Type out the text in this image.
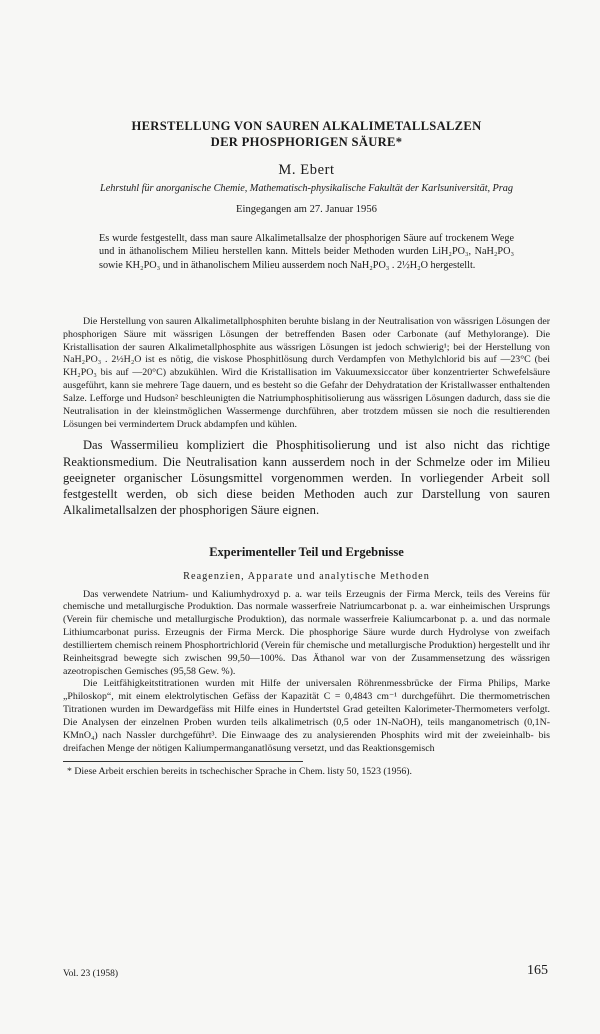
HERSTELLUNG VON SAUREN ALKALIMETALLSALZEN
DER PHOSPHORIGEN SÄURE*
M. Ebert
Lehrstuhl für anorganische Chemie, Mathematisch-physikalische Fakultät der Karlsuniversität, Prag
Eingegangen am 27. Januar 1956
Es wurde festgestellt, dass man saure Alkalimetallsalze der phosphorigen Säure auf trockenem Wege und in äthanolischem Milieu herstellen kann. Mittels beider Methoden wurden LiH₂PO₃, NaH₂PO₃ sowie KH₂PO₃ und in äthanolischem Milieu ausserdem noch NaH₂PO₃ . 2½H₂O hergestellt.
Die Herstellung von sauren Alkalimetallphosphiten beruhte bislang in der Neutralisation von wässrigen Lösungen der phosphorigen Säure mit wässrigen Lösungen der betreffenden Basen oder Carbonate (auf Methylorange). Die Kristallisation der sauren Alkalimetallphosphite aus wässrigen Lösungen ist jedoch schwierig¹; bei der Herstellung von NaH₂PO₃ . 2½H₂O ist es nötig, die viskose Phosphitlösung durch Verdampfen von Methylchlorid bis auf —23°C (bei KH₂PO₃ bis auf —20°C) abzukühlen. Wird die Kristallisation im Vakuumexsiccator über konzentrierter Schwefelsäure ausgeführt, kann sie mehrere Tage dauern, und es besteht so die Gefahr der Dehydratation der Kristallwasser enthaltenden Salze. Lefforge und Hudson² beschleunigten die Natriumphosphitisolierung aus wässrigen Lösungen dadurch, dass sie die Neutralisation in der kleinstmöglichen Wassermenge durchführen, aber trotzdem müssen sie noch die resultierenden Lösungen bei vermindertem Druck abdampfen und kühlen.
Das Wassermilieu kompliziert die Phosphitisolierung und ist also nicht das richtige Reaktionsmedium. Die Neutralisation kann ausserdem noch in der Schmelze oder im Milieu geeigneter organischer Lösungsmittel vorgenommen werden. In vorliegender Arbeit soll festgestellt werden, ob sich diese beiden Methoden auch zur Darstellung von sauren Alkalimetallsalzen der phosphorigen Säure eignen.
Experimenteller Teil und Ergebnisse
Reagenzien, Apparate und analytische Methoden
Das verwendete Natrium- und Kaliumhydroxyd p. a. war teils Erzeugnis der Firma Merck, teils des Vereins für chemische und metallurgische Produktion. Das normale wasserfreie Natriumcarbonat p. a. war einheimischen Ursprungs (Verein für chemische und metallurgische Produktion), das normale wasserfreie Kaliumcarbonat p. a. und das normale Lithiumcarbonat puriss. Erzeugnis der Firma Merck. Die phosphorige Säure wurde durch Hydrolyse von zweifach destilliertem chemisch reinem Phosphortrichlorid (Verein für chemische und metallurgische Produktion) hergestellt und ihr Reinheitsgrad bewegte sich zwischen 99,50—100%. Das Äthanol war von der Zusammensetzung des wässrigen azeotropischen Gemisches (95,58 Gew. %).
Die Leitfähigkeitstitrationen wurden mit Hilfe der universalen Röhrenmessbrücke der Firma Philips, Marke „Philoskop“, mit einem elektrolytischen Gefäss der Kapazität C = 0,4843 cm⁻¹ durchgeführt. Die thermometrischen Titrationen wurden im Dewardgefäss mit Hilfe eines in Hundertstel Grad geteilten Kalorimeter-Thermometers verfolgt. Die Analysen der einzelnen Proben wurden teils alkalimetrisch (0,5 oder 1N-NaOH), teils manganometrisch (0,1N-KMnO₄) nach Nassler durchgeführt³. Die Einwaage des zu analysierenden Phosphits wird mit der zweieinhalb- bis dreifachen Menge der nötigen Kaliumpermanganatlösung versetzt, und das Reaktionsgemisch
* Diese Arbeit erschien bereits in tschechischer Sprache in Chem. listy 50, 1523 (1956).
Vol. 23 (1958)	165
